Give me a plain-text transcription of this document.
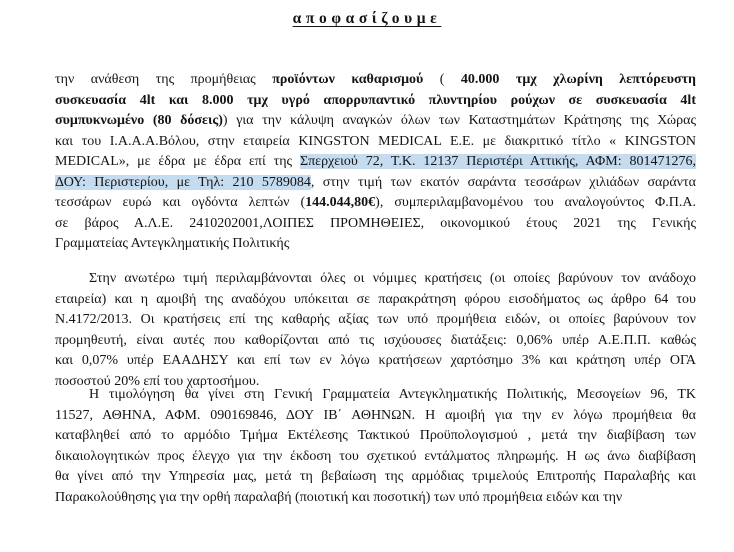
αποφασίζουμε
την ανάθεση της προμήθειας προϊόντων καθαρισμού ( 40.000 τμχ χλωρίνη λεπτόρευστη
συσκευασία 4lt και 8.000 τμχ υγρό απορρυπαντικό πλυντηρίου ρούχων σε συσκευασία 4lt
συμπυκνωμένο (80 δόσεις)) για την κάλυψη αναγκών όλων των Καταστημάτων Κράτησης της Χώρας
και του Ι.Α.Α.Α.Βόλου, στην εταιρεία KINGSTON MEDICAL Ε.Ε. με διακριτικό τίτλο « KINGSTON
MEDICAL», με έδρα με έδρα επί της Σπερχειού 72, Τ.Κ. 12137 Περιστέρι Αττικής, ΑΦΜ: 801471276,
ΔΟΥ: Περιστερίου, με Τηλ: 210 5789084, στην τιμή των εκατόν σαράντα τεσσάρων χιλιάδων σαράντα
τεσσάρων ευρώ και ογδόντα λεπτών (144.044,80€), συμπεριλαμβανομένου του αναλογούντος Φ.Π.Α.
σε βάρος Α.Λ.Ε. 2410202001,ΛΟΙΠΕΣ ΠΡΟΜΗΘΕΙΕΣ, οικονομικού έτους 2021 της Γενικής
Γραμματείας Αντεγκληματικής Πολιτικής
Στην ανωτέρω τιμή περιλαμβάνονται όλες οι νόμιμες κρατήσεις (οι οποίες βαρύνουν τον ανάδοχο
εταιρεία) και η αμοιβή της αναδόχου υπόκειται σε παρακράτηση φόρου εισοδήματος ως άρθρο 64 του
Ν.4172/2013. Οι κρατήσεις επί της καθαρής αξίας των υπό προμήθεια ειδών, οι οποίες βαρύνουν τον
προμηθευτή, είναι αυτές που καθορίζονται από τις ισχύουσες διατάξεις: 0,06% υπέρ Α.Ε.Π.Π. καθώς
και 0,07% υπέρ ΕΑΑΔΗΣΥ και επί των εν λόγω κρατήσεων χαρτόσημο 3% και κράτηση υπέρ ΟΓΑ
ποσοστού 20% επί του χαρτοσήμου.
Η τιμολόγηση θα γίνει στη Γενική Γραμματεία Αντεγκληματικής Πολιτικής, Μεσογείων 96, ΤΚ
11527, ΑΘΗΝΑ, ΑΦΜ. 090169846, ΔΟΥ ΙΒ΄ ΑΘΗΝΩΝ. Η αμοιβή για την εν λόγω προμήθεια θα
καταβληθεί από το αρμόδιο Τμήμα Εκτέλεσης Τακτικού Προϋπολογισμού , μετά την διαβίβαση των
δικαιολογητικών προς έλεγχο για την έκδοση του σχετικού εντάλματος πληρωμής. Η ως άνω διαβίβαση
θα γίνει από την Υπηρεσία μας, μετά τη βεβαίωση της αρμόδιας τριμελούς Επιτροπής Παραλαβής και
Παρακολούθησης για την ορθή παραλαβή (ποιοτική και ποσοτική) των υπό προμήθεια ειδών και την
